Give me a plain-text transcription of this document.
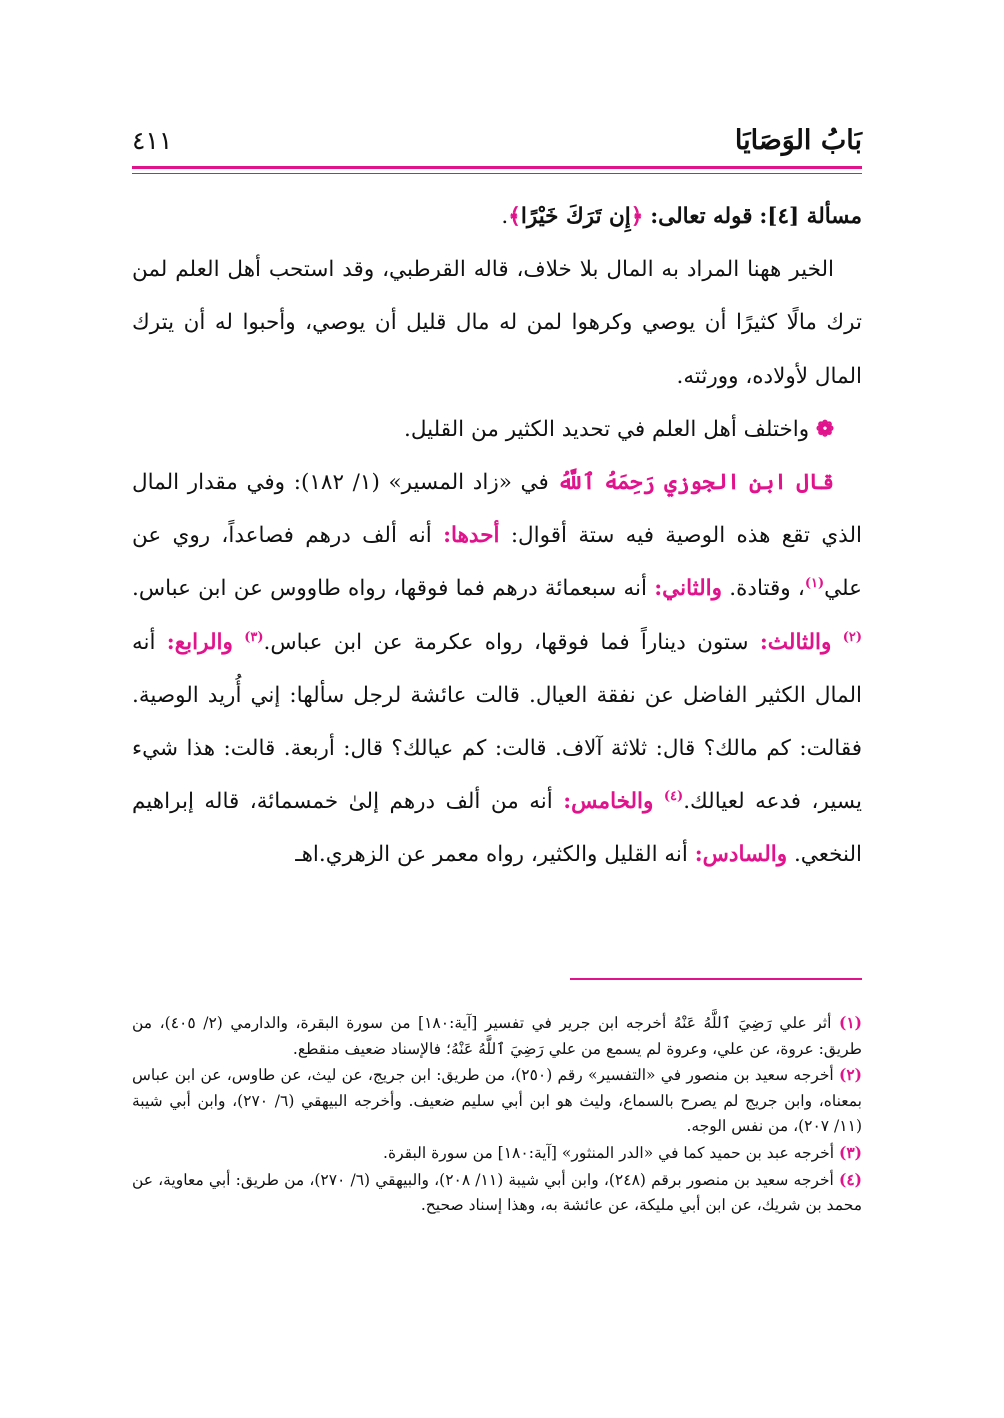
بَابُ الوَصَايَا
٤١١

مسألة [٤]: قوله تعالى: ﴿إِن تَرَكَ خَيْرًا﴾.

الخير ههنا المراد به المال بلا خلاف، قاله القرطبي، وقد استحب أهل العلم لمن ترك مالًا كثيرًا أن يوصي وكرهوا لمن له مال قليل أن يوصي، وأحبوا له أن يترك المال لأولاده، وورثته.

❁ واختلف أهل العلم في تحديد الكثير من القليل.

قال ابن الجوزي رَحِمَهُ ٱللَّهُ في «زاد المسير» (١/ ١٨٢): وفي مقدار المال الذي تقع هذه الوصية فيه ستة أقوال: أحدها: أنه ألف درهم فصاعداً، روي عن علي$^{(١)}$، وقتادة. والثاني: أنه سبعمائة درهم فما فوقها، رواه طاووس عن ابن عباس.$^{(٢)}$ والثالث: ستون ديناراً فما فوقها، رواه عكرمة عن ابن عباس.$^{(٣)}$ والرابع: أنه المال الكثير الفاضل عن نفقة العيال. قالت عائشة لرجل سألها: إني أُريد الوصية. فقالت: كم مالك؟ قال: ثلاثة آلاف. قالت: كم عيالك؟ قال: أربعة. قالت: هذا شيء يسير، فدعه لعيالك.$^{(٤)}$ والخامس: أنه من ألف درهم إلىٰ خمسمائة، قاله إبراهيم النخعي. والسادس: أنه القليل والكثير، رواه معمر عن الزهري.اهـ

(١) أثر علي رَضِيَ ٱللَّهُ عَنْهُ أخرجه ابن جرير في تفسير [آية:١٨٠] من سورة البقرة، والدارمي (٢/ ٤٠٥)، من طريق: عروة، عن علي، وعروة لم يسمع من علي رَضِيَ ٱللَّهُ عَنْهُ؛ فالإسناد ضعيف منقطع.

(٢) أخرجه سعيد بن منصور في «التفسير» رقم (٢٥٠)، من طريق: ابن جريج، عن ليث، عن طاوس، عن ابن عباس بمعناه، وابن جريج لم يصرح بالسماع، وليث هو ابن أبي سليم ضعيف. وأخرجه البيهقي (٦/ ٢٧٠)، وابن أبي شيبة (١١/ ٢٠٧)، من نفس الوجه.

(٣) أخرجه عبد بن حميد كما في «الدر المنثور» [آية:١٨٠] من سورة البقرة.

(٤) أخرجه سعيد بن منصور برقم (٢٤٨)، وابن أبي شيبة (١١/ ٢٠٨)، والبيهقي (٦/ ٢٧٠)، من طريق: أبي معاوية، عن محمد بن شريك، عن ابن أبي مليكة، عن عائشة به، وهذا إسناد صحيح.
